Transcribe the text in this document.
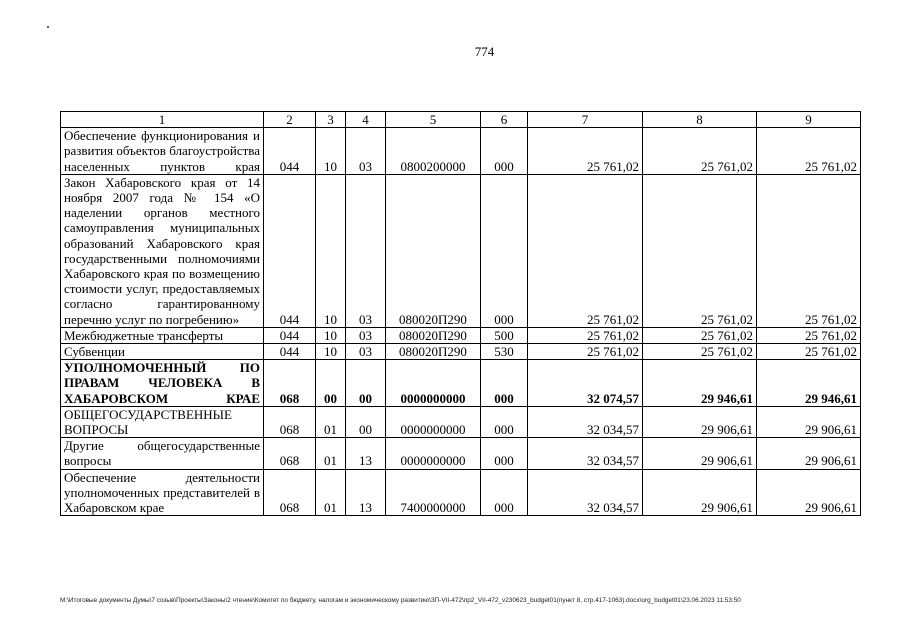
774
1	2	3	4	5	6	7	8	9
Обеспечение функционирования и развития объектов благоустройства населенных пунктов края	044	10	03	0800200000	000	25 761,02	25 761,02	25 761,02
Закон Хабаровского края от 14 ноября 2007 года № 154 «О наделении органов местного самоуправления муниципальных образований Хабаровского края государственными полномочиями Хабаровского края по возмещению стоимости услуг, предоставляемых согласно гарантированному перечню услуг по погребению»	044	10	03	080020П290	000	25 761,02	25 761,02	25 761,02
Межбюджетные трансферты	044	10	03	080020П290	500	25 761,02	25 761,02	25 761,02
Субвенции	044	10	03	080020П290	530	25 761,02	25 761,02	25 761,02
УПОЛНОМОЧЕННЫЙ ПО ПРАВАМ ЧЕЛОВЕКА В ХАБАРОВСКОМ КРАЕ	068	00	00	0000000000	000	32 074,57	29 946,61	29 946,61
ОБЩЕГОСУДАРСТВЕННЫЕ ВОПРОСЫ	068	01	00	0000000000	000	32 034,57	29 906,61	29 906,61
Другие общегосударственные вопросы	068	01	13	0000000000	000	32 034,57	29 906,61	29 906,61
Обеспечение деятельности уполномоченных представителей в Хабаровском крае	068	01	13	7400000000	000	32 034,57	29 906,61	29 906,61
M:\Итоговые документы Думы\7 созыв\Проекты\Законы\2 чтение\Комитет по бюджету, налогам и экономическому развитию\ЗП-VII-472\пр2_VII-472_v230623_budget01(пункт 8, стр.417-1063).docx\org_budget01\23.06.2023 11:53:50
